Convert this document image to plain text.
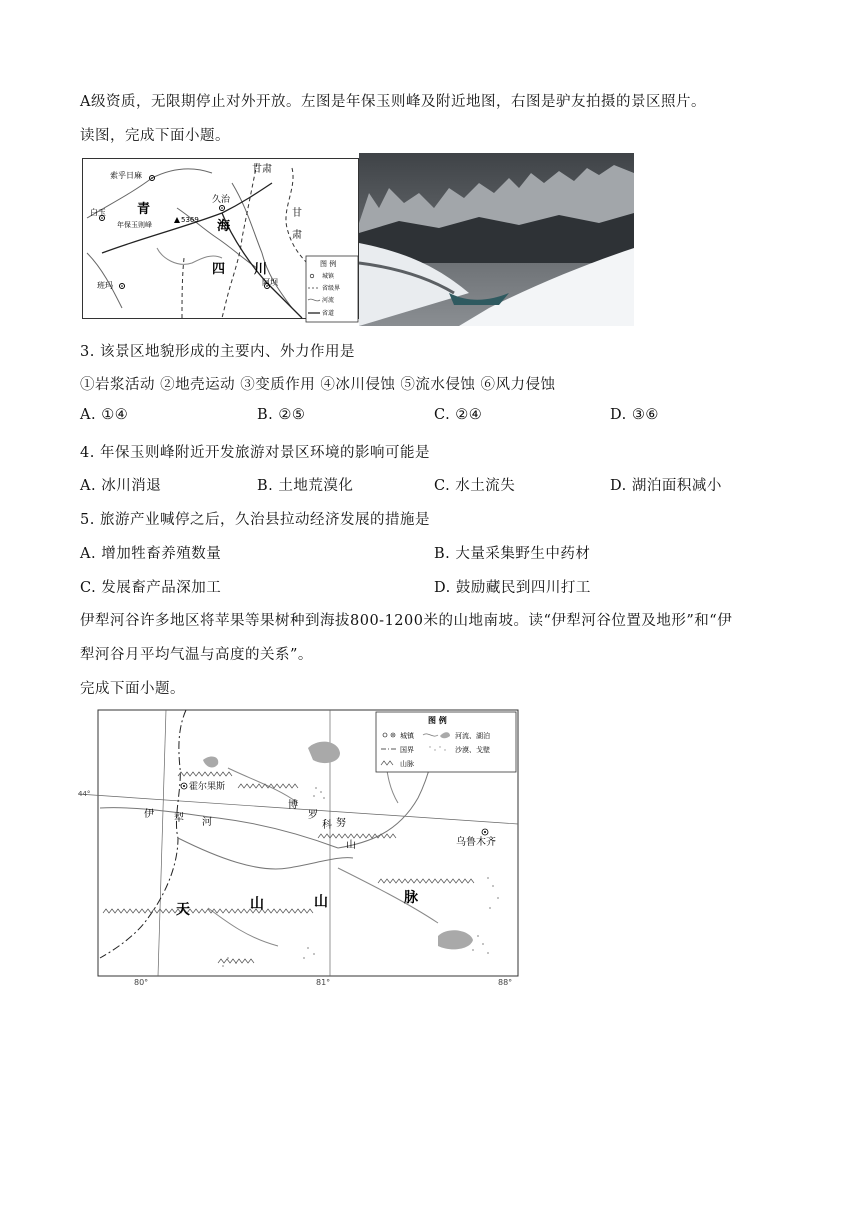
A级资质，无限期停止对外开放。左图是年保玉则峰及附近地图，右图是驴友拍摄的景区照片。
读图，完成下面小题。
索乎日麻
久治
甘肃
甘
肃
青
海
白玉
年保玉则峰
5369
四 川
阿坝
班玛
图 例
城镇
省级界
河流
省道
3. 该景区地貌形成的主要内、外力作用是
①岩浆活动 ②地壳运动 ③变质作用 ④冰川侵蚀 ⑤流水侵蚀 ⑥风力侵蚀
A. ①④	B. ②⑤	C. ②④	D. ③⑥
4. 年保玉则峰附近开发旅游对景区环境的影响可能是
A. 冰川消退	B. 土地荒漠化	C. 水土流失	D. 湖泊面积减小
5. 旅游产业喊停之后，久治县拉动经济发展的措施是
A. 增加牲畜养殖数量	B. 大量采集野生中药材
C. 发展畜产品深加工	D. 鼓励藏民到四川打工
伊犁河谷许多地区将苹果等果树种到海拔800-1200米的山地南坡。读“伊犁河谷位置及地形”和“伊
犁河谷月平均气温与高度的关系”。
完成下面小题。
44°
80°	81°	88°
霍尔果斯
乌鲁木齐
伊 犁 河
博
罗
科 努
山
天	山	山	脉
图 例
城镇	河流、湖泊
国界	沙漠、戈壁
山脉
